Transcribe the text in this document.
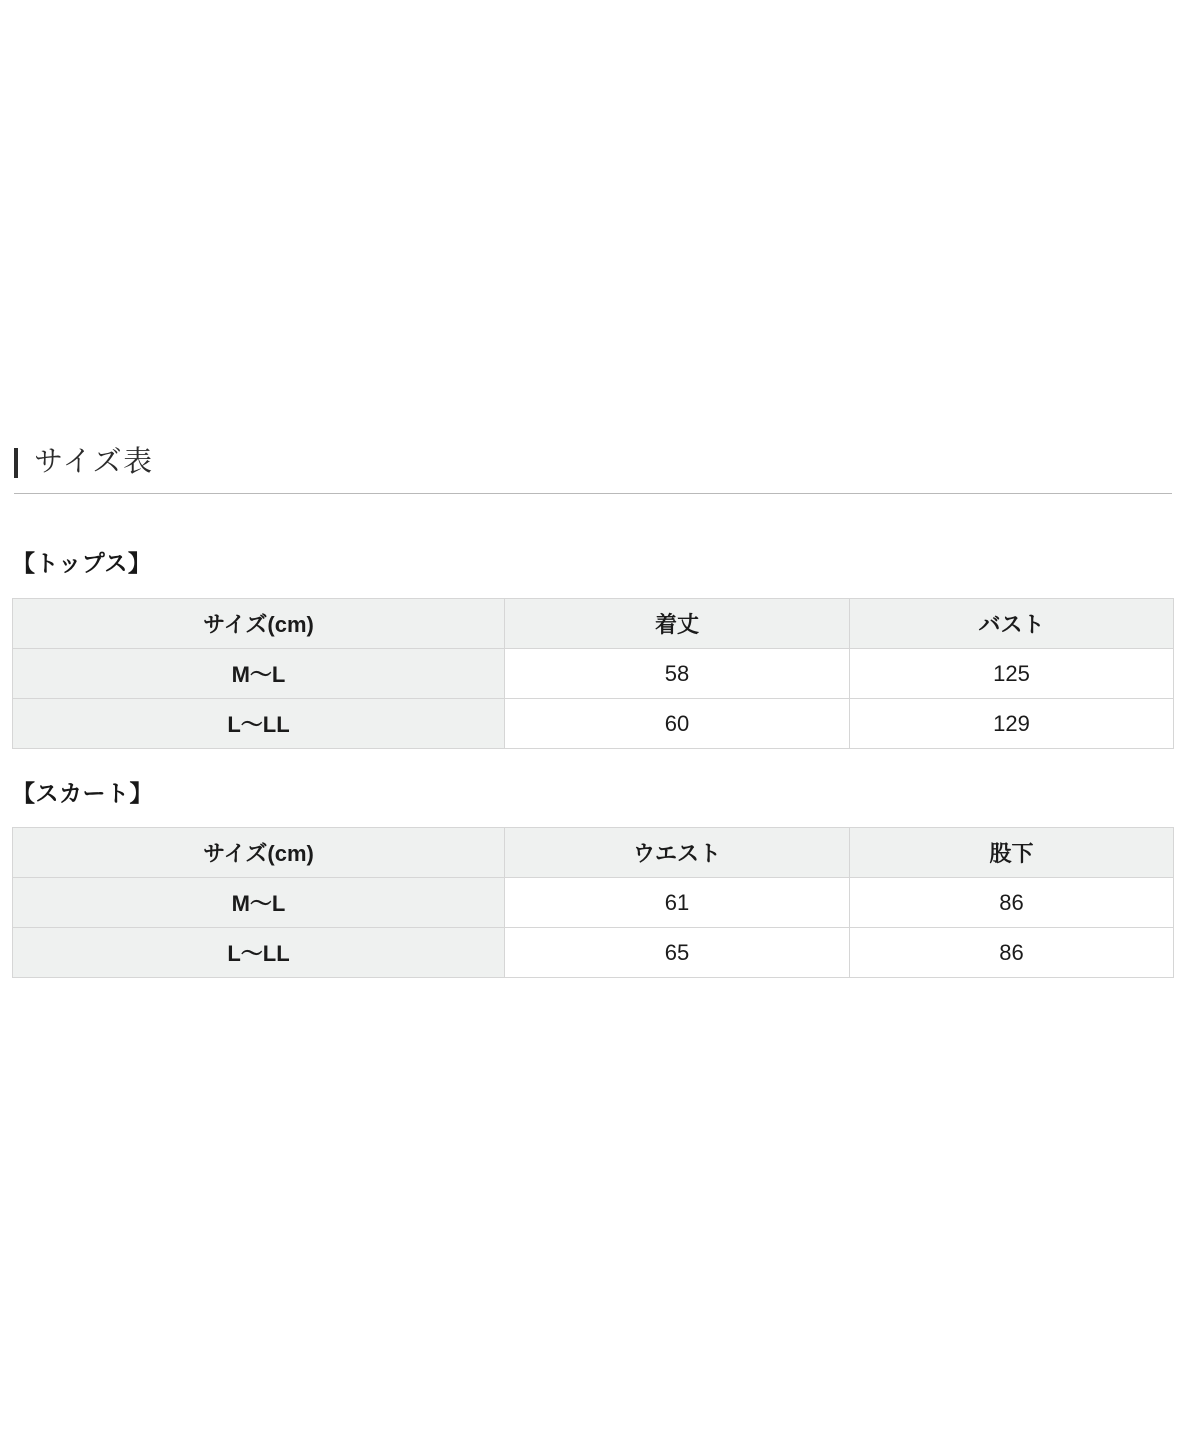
サイズ表
【トップス】
サイズ(cm)	着丈	バスト
M〜L	58	125
L〜LL	60	129
【スカート】
サイズ(cm)	ウエスト	股下
M〜L	61	86
L〜LL	65	86
